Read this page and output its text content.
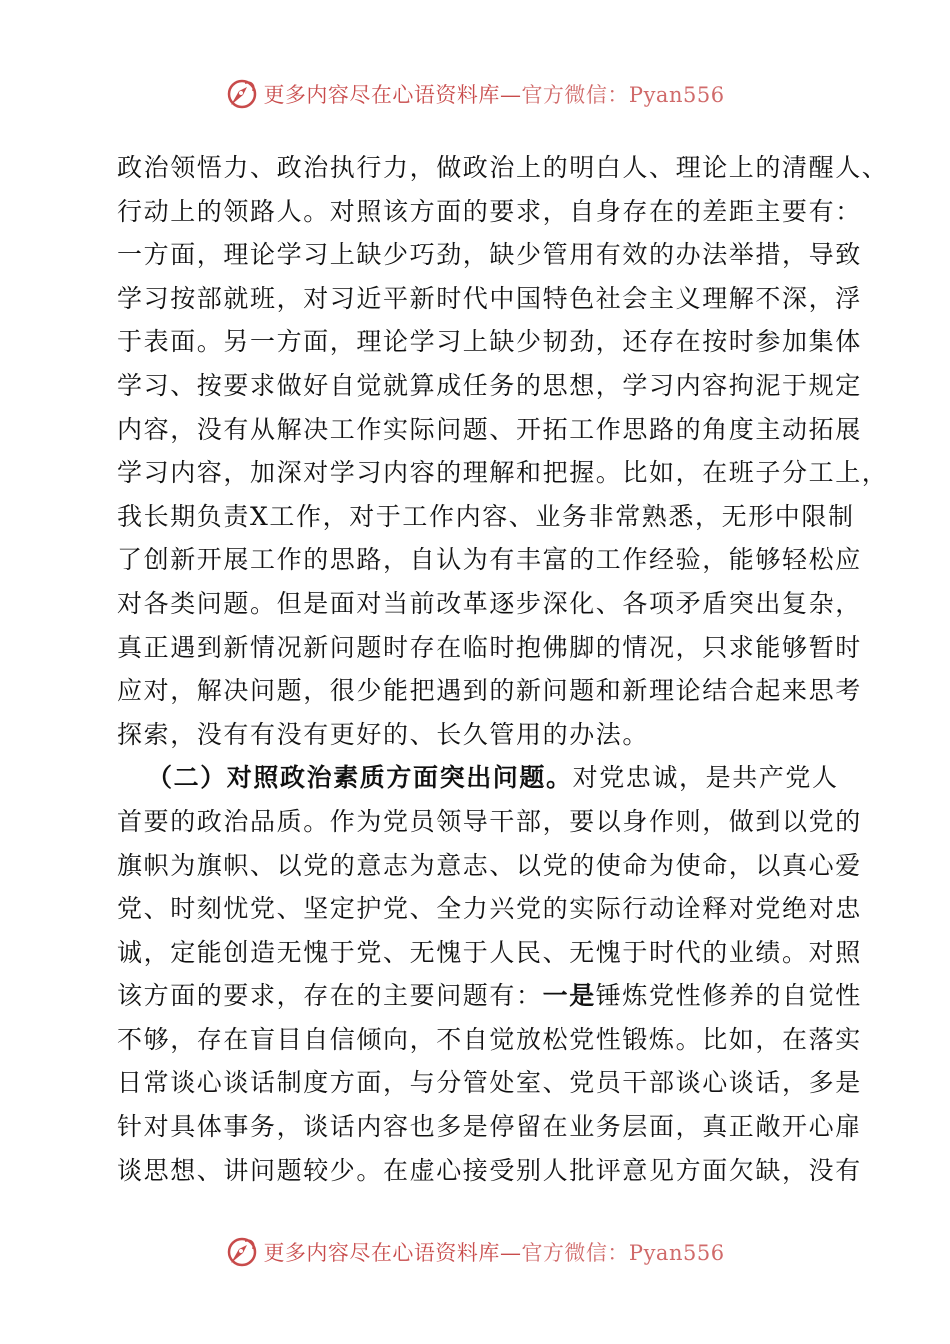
更多内容尽在心语资料库—官方微信：Pyan556
政治领悟力、政治执行力，做政治上的明白人、理论上的清醒人、
行动上的领路人。对照该方面的要求，自身存在的差距主要有：
一方面，理论学习上缺少巧劲，缺少管用有效的办法举措，导致
学习按部就班，对习近平新时代中国特色社会主义理解不深，浮
于表面。另一方面，理论学习上缺少韧劲，还存在按时参加集体
学习、按要求做好自觉就算成任务的思想，学习内容拘泥于规定
内容，没有从解决工作实际问题、开拓工作思路的角度主动拓展
学习内容，加深对学习内容的理解和把握。比如，在班子分工上，
我长期负责X工作，对于工作内容、业务非常熟悉，无形中限制
了创新开展工作的思路，自认为有丰富的工作经验，能够轻松应
对各类问题。但是面对当前改革逐步深化、各项矛盾突出复杂，
真正遇到新情况新问题时存在临时抱佛脚的情况，只求能够暂时
应对，解决问题，很少能把遇到的新问题和新理论结合起来思考
探索，没有有没有更好的、长久管用的办法。
（二）对照政治素质方面突出问题。对党忠诚，是共产党人
首要的政治品质。作为党员领导干部，要以身作则，做到以党的
旗帜为旗帜、以党的意志为意志、以党的使命为使命，以真心爱
党、时刻忧党、坚定护党、全力兴党的实际行动诠释对党绝对忠
诚，定能创造无愧于党、无愧于人民、无愧于时代的业绩。对照
该方面的要求，存在的主要问题有：一是锤炼党性修养的自觉性
不够，存在盲目自信倾向，不自觉放松党性锻炼。比如，在落实
日常谈心谈话制度方面，与分管处室、党员干部谈心谈话，多是
针对具体事务，谈话内容也多是停留在业务层面，真正敞开心扉
谈思想、讲问题较少。在虚心接受别人批评意见方面欠缺，没有
更多内容尽在心语资料库—官方微信：Pyan556
